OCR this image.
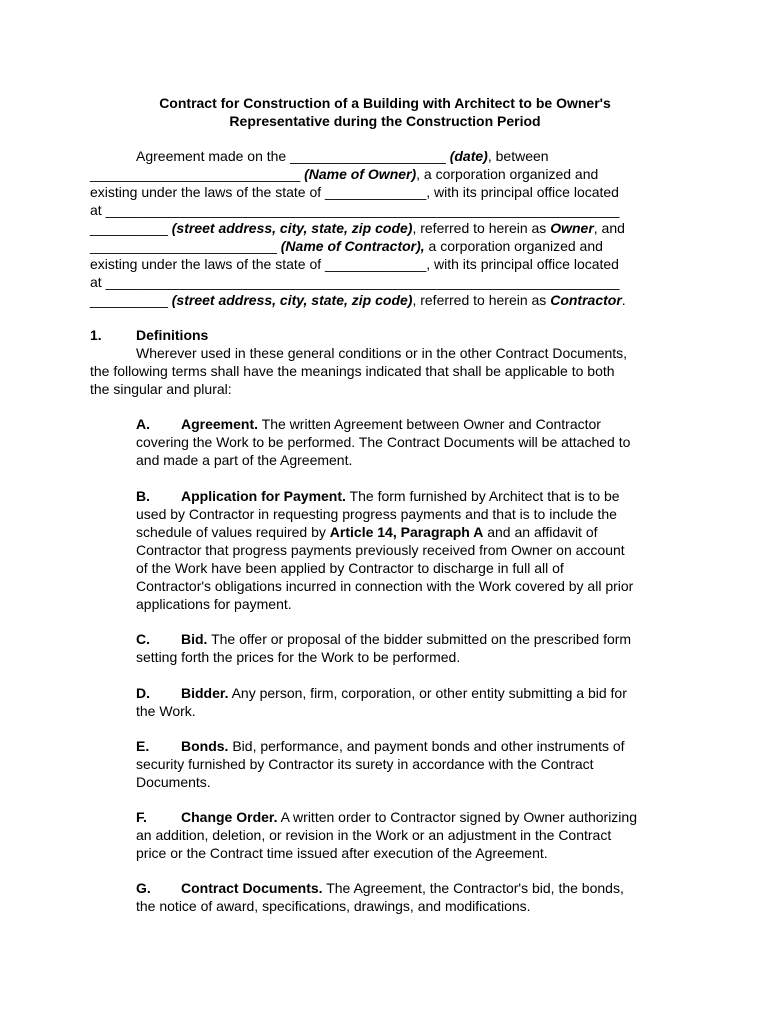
Contract for Construction of a Building with Architect to be Owner's
Representative during the Construction Period
Agreement made on the ____________________ (date), between
___________________________ (Name of Owner), a corporation organized and
existing under the laws of the state of _____________, with its principal office located
at __________________________________________________________________
__________ (street address, city, state, zip code), referred to herein as Owner, and
________________________ (Name of Contractor), a corporation organized and
existing under the laws of the state of _____________, with its principal office located
at __________________________________________________________________
__________ (street address, city, state, zip code), referred to herein as Contractor.
1. Definitions
Wherever used in these general conditions or in the other Contract Documents,
the following terms shall have the meanings indicated that shall be applicable to both
the singular and plural:
A. Agreement. The written Agreement between Owner and Contractor
covering the Work to be performed. The Contract Documents will be attached to
and made a part of the Agreement.
B. Application for Payment. The form furnished by Architect that is to be
used by Contractor in requesting progress payments and that is to include the
schedule of values required by Article 14, Paragraph A and an affidavit of
Contractor that progress payments previously received from Owner on account
of the Work have been applied by Contractor to discharge in full all of
Contractor's obligations incurred in connection with the Work covered by all prior
applications for payment.
C. Bid. The offer or proposal of the bidder submitted on the prescribed form
setting forth the prices for the Work to be performed.
D. Bidder. Any person, firm, corporation, or other entity submitting a bid for
the Work.
E. Bonds. Bid, performance, and payment bonds and other instruments of
security furnished by Contractor its surety in accordance with the Contract
Documents.
F. Change Order. A written order to Contractor signed by Owner authorizing
an addition, deletion, or revision in the Work or an adjustment in the Contract
price or the Contract time issued after execution of the Agreement.
G. Contract Documents. The Agreement, the Contractor's bid, the bonds,
the notice of award, specifications, drawings, and modifications.
